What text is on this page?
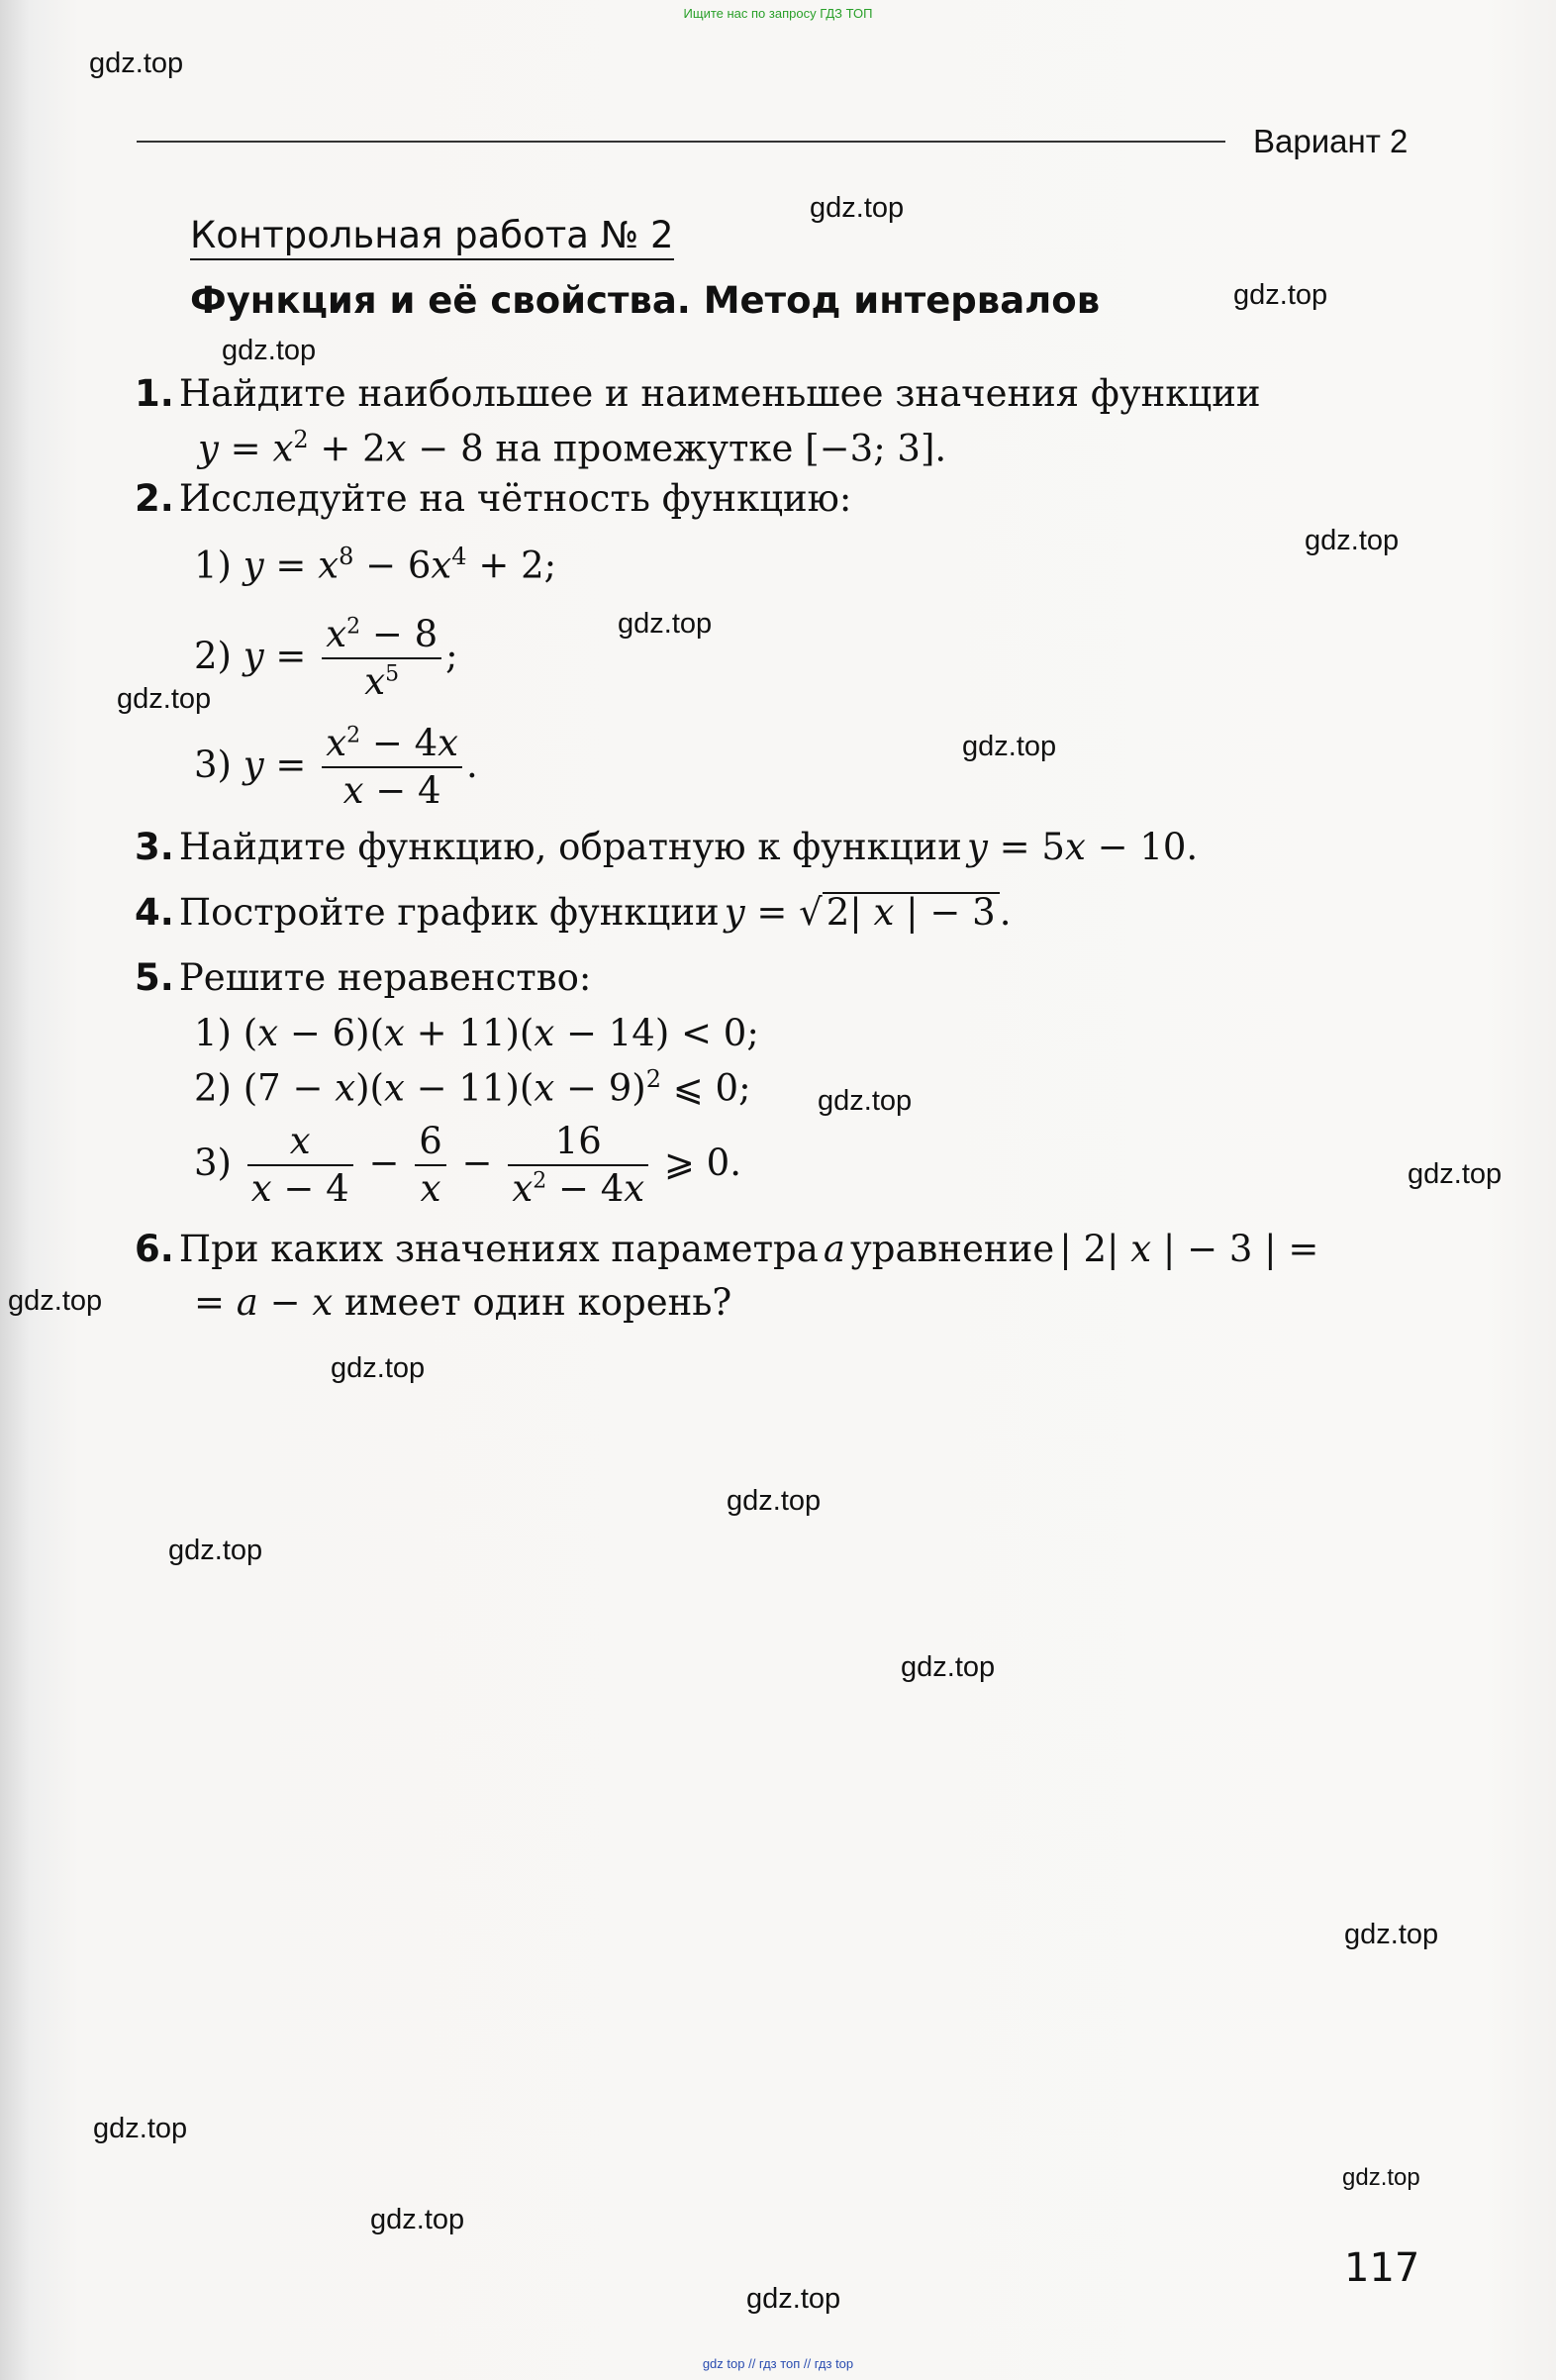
Ищите нас по запросу ГДЗ ТОП
Вариант 2
Контрольная работа № 2
Функция и её свойства. Метод интервалов
1. Найдите наибольшее и наименьшее значения функции
$y = x^2 + 2x - 8$ на промежутке [−3; 3].
2. Исследуйте на чётность функцию:
1) $y = x^8 - 6x^4 + 2$;
2) $y = \frac{x^2 - 8}{x^5}$ ;
3) $y = \frac{x^2 - 4x}{x - 4}$ .
3. Найдите функцию, обратную к функции y = 5x − 10.
4. Постройте график функции y = √ 2| x | − 3 .
5. Решите неравенство:
1) (x − 6)(x + 11)(x − 14) < 0;
2) $(7 - x)(x - 11)(x - 9)^2$ ⩽ 0;
$3) \frac{x}{x - 4} - \frac{6}{x} - \frac{16}{x^2 - 4x}$ ⩾ 0.
6. При каких значениях параметра a уравнение | 2| x | − 3 | =
= a − x имеет один корень?
117
gdz.top
gdz.top
gdz.top
gdz.top
gdz.top
gdz.top
gdz.top
gdz.top
gdz.top
gdz.top
gdz.top
gdz.top
gdz.top
gdz.top
gdz.top
gdz.top
gdz.top
gdz.top
gdz.top
gdz.top
gdz top // гдз топ // гдз top
